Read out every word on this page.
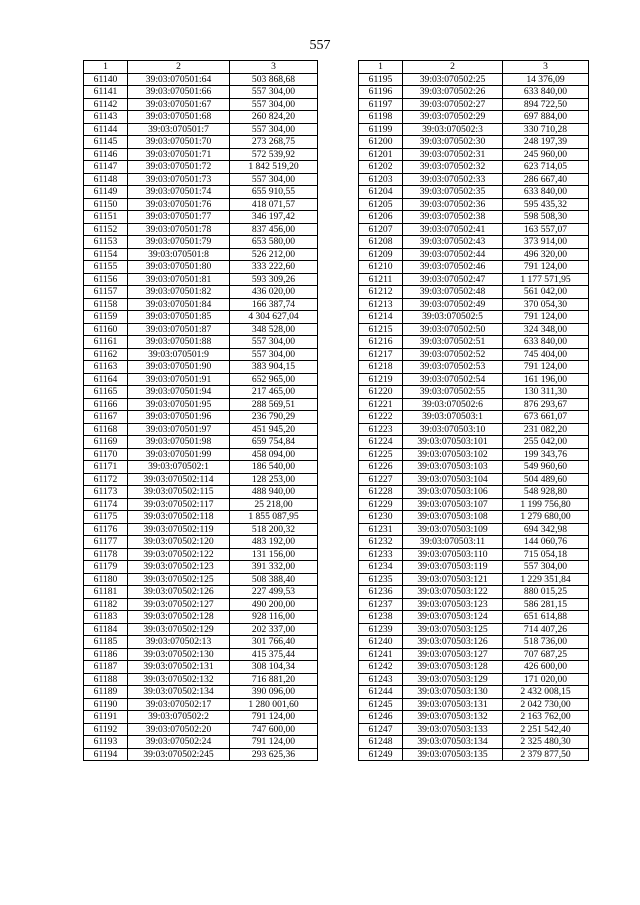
557
1	2	3
61140	39:03:070501:64	503 868,68
61141	39:03:070501:66	557 304,00
61142	39:03:070501:67	557 304,00
61143	39:03:070501:68	260 824,20
61144	39:03:070501:7	557 304,00
61145	39:03:070501:70	273 268,75
61146	39:03:070501:71	572 539,92
61147	39:03:070501:72	1 842 519,20
61148	39:03:070501:73	557 304,00
61149	39:03:070501:74	655 910,55
61150	39:03:070501:76	418 071,57
61151	39:03:070501:77	346 197,42
61152	39:03:070501:78	837 456,00
61153	39:03:070501:79	653 580,00
61154	39:03:070501:8	526 212,00
61155	39:03:070501:80	333 222,60
61156	39:03:070501:81	593 309,26
61157	39:03:070501:82	436 020,00
61158	39:03:070501:84	166 387,74
61159	39:03:070501:85	4 304 627,04
61160	39:03:070501:87	348 528,00
61161	39:03:070501:88	557 304,00
61162	39:03:070501:9	557 304,00
61163	39:03:070501:90	383 904,15
61164	39:03:070501:91	652 965,00
61165	39:03:070501:94	217 465,00
61166	39:03:070501:95	288 569,51
61167	39:03:070501:96	236 790,29
61168	39:03:070501:97	451 945,20
61169	39:03:070501:98	659 754,84
61170	39:03:070501:99	458 094,00
61171	39:03:070502:1	186 540,00
61172	39:03:070502:114	128 253,00
61173	39:03:070502:115	488 940,00
61174	39:03:070502:117	25 218,00
61175	39:03:070502:118	1 855 087,95
61176	39:03:070502:119	518 200,32
61177	39:03:070502:120	483 192,00
61178	39:03:070502:122	131 156,00
61179	39:03:070502:123	391 332,00
61180	39:03:070502:125	508 388,40
61181	39:03:070502:126	227 499,53
61182	39:03:070502:127	490 200,00
61183	39:03:070502:128	928 116,00
61184	39:03:070502:129	202 337,00
61185	39:03:070502:13	301 766,40
61186	39:03:070502:130	415 375,44
61187	39:03:070502:131	308 104,34
61188	39:03:070502:132	716 881,20
61189	39:03:070502:134	390 096,00
61190	39:03:070502:17	1 280 001,60
61191	39:03:070502:2	791 124,00
61192	39:03:070502:20	747 600,00
61193	39:03:070502:24	791 124,00
61194	39:03:070502:245	293 625,36
1	2	3
61195	39:03:070502:25	14 376,09
61196	39:03:070502:26	633 840,00
61197	39:03:070502:27	894 722,50
61198	39:03:070502:29	697 884,00
61199	39:03:070502:3	330 710,28
61200	39:03:070502:30	248 197,39
61201	39:03:070502:31	245 960,00
61202	39:03:070502:32	623 714,05
61203	39:03:070502:33	286 667,40
61204	39:03:070502:35	633 840,00
61205	39:03:070502:36	595 435,32
61206	39:03:070502:38	598 508,30
61207	39:03:070502:41	163 557,07
61208	39:03:070502:43	373 914,00
61209	39:03:070502:44	496 320,00
61210	39:03:070502:46	791 124,00
61211	39:03:070502:47	1 177 571,95
61212	39:03:070502:48	561 042,00
61213	39:03:070502:49	370 054,30
61214	39:03:070502:5	791 124,00
61215	39:03:070502:50	324 348,00
61216	39:03:070502:51	633 840,00
61217	39:03:070502:52	745 404,00
61218	39:03:070502:53	791 124,00
61219	39:03:070502:54	161 196,00
61220	39:03:070502:55	130 311,30
61221	39:03:070502:6	876 293,67
61222	39:03:070503:1	673 661,07
61223	39:03:070503:10	231 082,20
61224	39:03:070503:101	255 042,00
61225	39:03:070503:102	199 343,76
61226	39:03:070503:103	549 960,60
61227	39:03:070503:104	504 489,60
61228	39:03:070503:106	548 928,80
61229	39:03:070503:107	1 199 756,80
61230	39:03:070503:108	1 279 680,00
61231	39:03:070503:109	694 342,98
61232	39:03:070503:11	144 060,76
61233	39:03:070503:110	715 054,18
61234	39:03:070503:119	557 304,00
61235	39:03:070503:121	1 229 351,84
61236	39:03:070503:122	880 015,25
61237	39:03:070503:123	586 281,15
61238	39:03:070503:124	651 614,88
61239	39:03:070503:125	714 407,26
61240	39:03:070503:126	518 736,00
61241	39:03:070503:127	707 687,25
61242	39:03:070503:128	426 600,00
61243	39:03:070503:129	171 020,00
61244	39:03:070503:130	2 432 008,15
61245	39:03:070503:131	2 042 730,00
61246	39:03:070503:132	2 163 762,00
61247	39:03:070503:133	2 251 542,40
61248	39:03:070503:134	2 325 480,30
61249	39:03:070503:135	2 379 877,50
